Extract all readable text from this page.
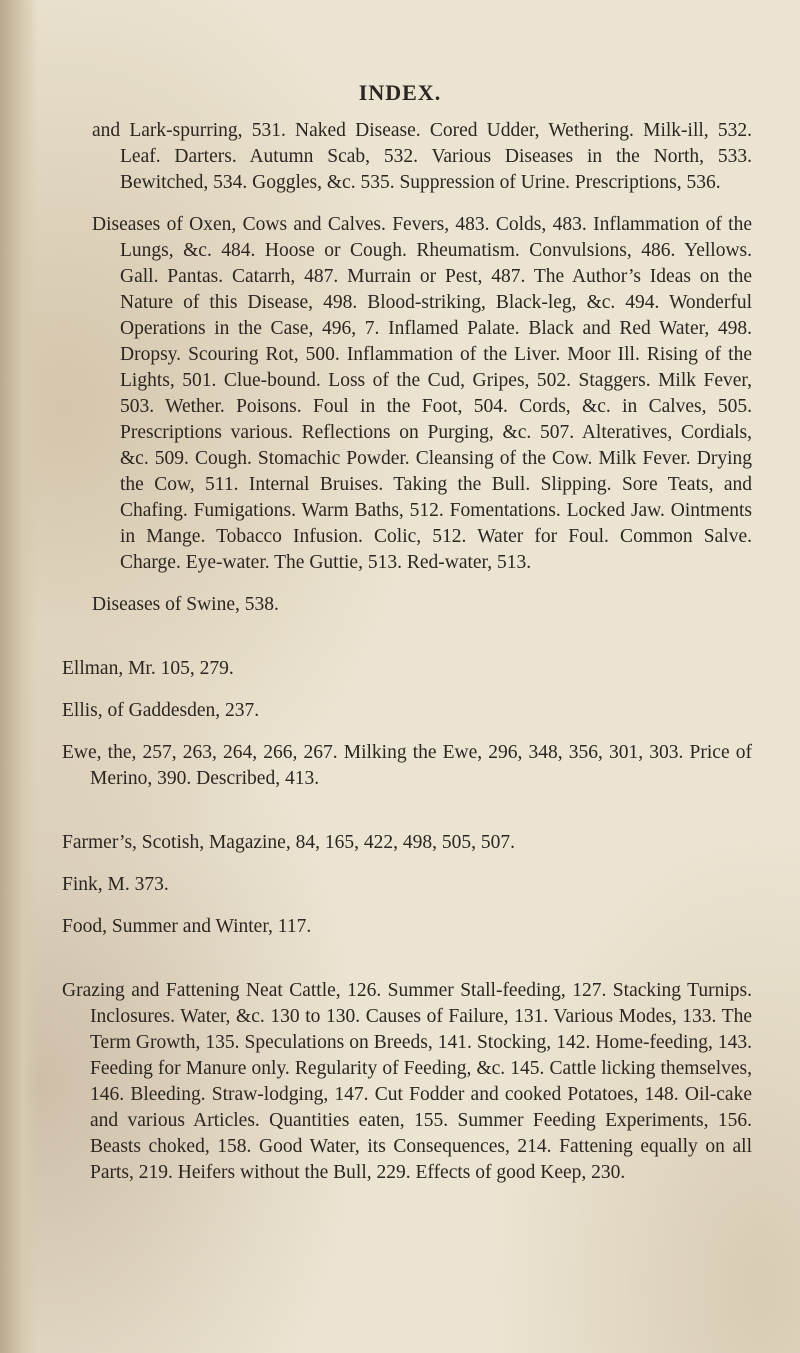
INDEX.

and Lark-spurring, 531. Naked Disease. Cored Udder, Wethering. Milk-ill, 532. Leaf. Darters. Autumn Scab, 532. Various Diseases in the North, 533. Bewitched, 534. Goggles, &c. 535. Suppression of Urine. Prescriptions, 536.

Diseases of Oxen, Cows and Calves. Fevers, 483. Colds, 483. Inflammation of the Lungs, &c. 484. Hoose or Cough. Rheumatism. Convulsions, 486. Yellows. Gall. Pantas. Catarrh, 487. Murrain or Pest, 487. The Author’s Ideas on the Nature of this Disease, 498. Blood-striking, Black-leg, &c. 494. Wonderful Operations in the Case, 496, 7. Inflamed Palate. Black and Red Water, 498. Dropsy. Scouring Rot, 500. Inflammation of the Liver. Moor Ill. Rising of the Lights, 501. Clue-bound. Loss of the Cud, Gripes, 502. Staggers. Milk Fever, 503. Wether. Poisons. Foul in the Foot, 504. Cords, &c. in Calves, 505. Prescriptions various. Reflections on Purging, &c. 507. Alteratives, Cordials, &c. 509. Cough. Stomachic Powder. Cleansing of the Cow. Milk Fever. Drying the Cow, 511. Internal Bruises. Taking the Bull. Slipping. Sore Teats, and Chafing. Fumigations. Warm Baths, 512. Fomentations. Locked Jaw. Ointments in Mange. Tobacco Infusion. Colic, 512. Water for Foul. Common Salve. Charge. Eye-water. The Guttie, 513. Red-water, 513.

Diseases of Swine, 538.

Ellman, Mr. 105, 279.

Ellis, of Gaddesden, 237.

Ewe, the, 257, 263, 264, 266, 267. Milking the Ewe, 296, 348, 356, 301, 303. Price of Merino, 390. Described, 413.

Farmer’s, Scotish, Magazine, 84, 165, 422, 498, 505, 507.

Fink, M. 373.

Food, Summer and Winter, 117.

Grazing and Fattening Neat Cattle, 126. Summer Stall-feeding, 127. Stacking Turnips. Inclosures. Water, &c. 130 to 130. Causes of Failure, 131. Various Modes, 133. The Term Growth, 135. Speculations on Breeds, 141. Stocking, 142. Home-feeding, 143. Feeding for Manure only. Regularity of Feeding, &c. 145. Cattle licking themselves, 146. Bleeding. Straw-lodging, 147. Cut Fodder and cooked Potatoes, 148. Oil-cake and various Articles. Quantities eaten, 155. Summer Feeding Experiments, 156. Beasts choked, 158. Good Water, its Consequences, 214. Fattening equally on all Parts, 219. Heifers without the Bull, 229. Effects of good Keep, 230.
